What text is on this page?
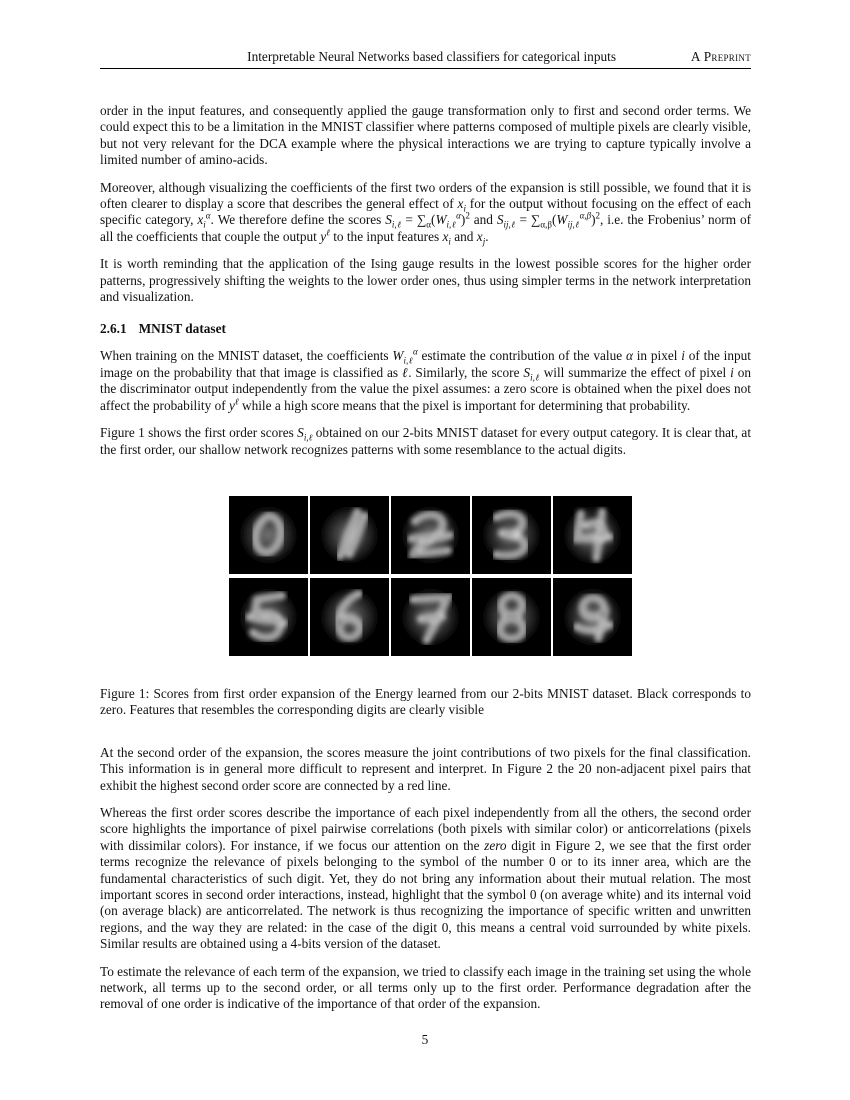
Interpretable Neural Networks based classifiers for categorical inputs	A Preprint

order in the input features, and consequently applied the gauge transformation only to first and second order terms. We could expect this to be a limitation in the MNIST classifier where patterns composed of multiple pixels are clearly visible, but not very relevant for the DCA example where the physical interactions we are trying to capture typically involve a limited number of amino-acids.

Moreover, although visualizing the coefficients of the first two orders of the expansion is still possible, we found that it is often clearer to display a score that describes the general effect of $x_i$ for the output without focusing on the effect of each specific category, $x_i^\alpha$. We therefore define the scores $S_{i,\ell} = \sum_\alpha(W_{i,\ell}^\alpha)^2$ and $S_{ij,\ell} = \sum_{\alpha,\beta}(W_{ij,\ell}^{\alpha,\beta})^2$, i.e. the Frobenius’ norm of all the coefficients that couple the output $y^\ell$ to the input features $x_i$ and $x_j$.

It is worth reminding that the application of the Ising gauge results in the lowest possible scores for the higher order patterns, progressively shifting the weights to the lower order ones, thus using simpler terms in the network interpretation and visualization.

2.6.1 MNIST dataset

When training on the MNIST dataset, the coefficients $W_{i,\ell}^\alpha$ estimate the contribution of the value α in pixel i of the input image on the probability that that image is classified as ℓ. Similarly, the score $S_{i,\ell}$ will summarize the effect of pixel i on the discriminator output independently from the value the pixel assumes: a zero score is obtained when the pixel does not affect the probability of $y^\ell$ while a high score means that the pixel is important for determining that probability.

Figure 1 shows the first order scores $S_{i,\ell}$ obtained on our 2-bits MNIST dataset for every output category. It is clear that, at the first order, our shallow network recognizes patterns with some resemblance to the actual digits.

Figure 1: Scores from first order expansion of the Energy learned from our 2-bits MNIST dataset. Black corresponds to zero. Features that resembles the corresponding digits are clearly visible

At the second order of the expansion, the scores measure the joint contributions of two pixels for the final classification. This information is in general more difficult to represent and interpret. In Figure 2 the 20 non-adjacent pixel pairs that exhibit the highest second order score are connected by a red line.

Whereas the first order scores describe the importance of each pixel independently from all the others, the second order score highlights the importance of pixel pairwise correlations (both pixels with similar color) or anticorrelations (pixels with dissimilar colors). For instance, if we focus our attention on the zero digit in Figure 2, we see that the first order terms recognize the relevance of pixels belonging to the symbol of the number 0 or to its inner area, which are the fundamental characteristics of such digit. Yet, they do not bring any information about their mutual relation. The most important scores in second order interactions, instead, highlight that the symbol 0 (on average white) and its internal void (on average black) are anticorrelated. The network is thus recognizing the importance of specific written and unwritten regions, and the way they are related: in the case of the digit 0, this means a central void surrounded by white pixels. Similar results are obtained using a 4-bits version of the dataset.

To estimate the relevance of each term of the expansion, we tried to classify each image in the training set using the whole network, all terms up to the second order, or all terms only up to the first order. Performance degradation after the removal of one order is indicative of the importance of that order of the expansion.

5
